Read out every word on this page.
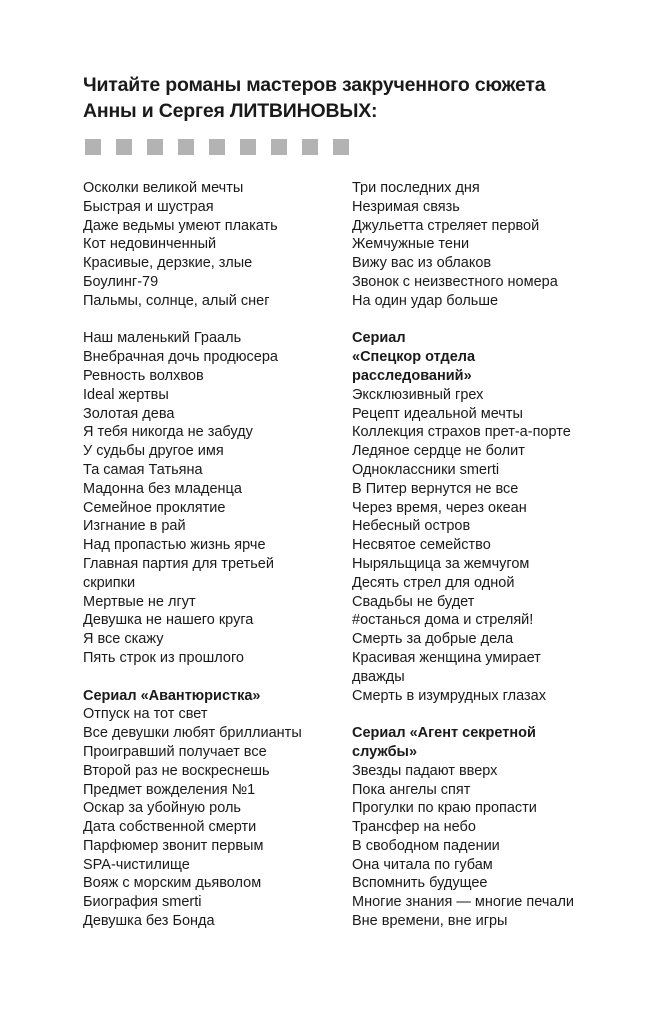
Читайте романы мастеров закрученного сюжета
Анны и Сергея ЛИТВИНОВЫХ:
Осколки великой мечты
Быстрая и шустрая
Даже ведьмы умеют плакать
Кот недовинченный
Красивые, дерзкие, злые
Боулинг-79
Пальмы, солнце, алый снег
Наш маленький Грааль
Внебрачная дочь продюсера
Ревность волхвов
Ideal жертвы
Золотая дева
Я тебя никогда не забуду
У судьбы другое имя
Та самая Татьяна
Мадонна без младенца
Семейное проклятие
Изгнание в рай
Над пропастью жизнь ярче
Главная партия для третьей
скрипки
Мертвые не лгут
Девушка не нашего круга
Я все скажу
Пять строк из прошлого
Сериал «Авантюристка»
Отпуск на тот свет
Все девушки любят бриллианты
Проигравший получает все
Второй раз не воскреснешь
Предмет вожделения №1
Оскар за убойную роль
Дата собственной смерти
Парфюмер звонит первым
SPA-чистилище
Вояж с морским дьяволом
Биография smerti
Девушка без Бонда
Три последних дня
Незримая связь
Джульетта стреляет первой
Жемчужные тени
Вижу вас из облаков
Звонок с неизвестного номера
На один удар больше
Сериал
«Спецкор отдела
расследований»
Эксклюзивный грех
Рецепт идеальной мечты
Коллекция страхов прет-а-порте
Ледяное сердце не болит
Одноклассники smerti
В Питер вернутся не все
Через время, через океан
Небесный остров
Несвятое семейство
Ныряльщица за жемчугом
Десять стрел для одной
Свадьбы не будет
#останься дома и стреляй!
Смерть за добрые дела
Красивая женщина умирает
дважды
Смерть в изумрудных глазах
Сериал «Агент секретной
службы»
Звезды падают вверх
Пока ангелы спят
Прогулки по краю пропасти
Трансфер на небо
В свободном падении
Она читала по губам
Вспомнить будущее
Многие знания — многие печали
Вне времени, вне игры
